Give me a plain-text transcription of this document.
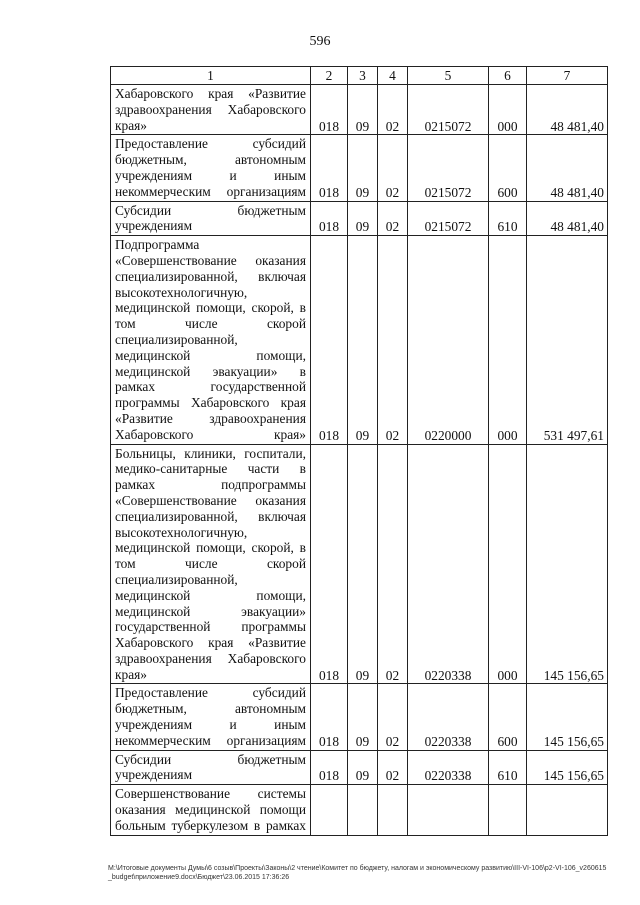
596
1	2	3	4	5	6	7
Хабаровского края «Развитие здравоохранения Хабаровского края»	018	09	02	0215072	000	48 481,40
Предоставление субсидий бюджетным, автономным учреждениям и иным некоммерческим организациям	018	09	02	0215072	600	48 481,40
Субсидии бюджетным учреждениям	018	09	02	0215072	610	48 481,40
Подпрограмма «Совершенствование оказания специализированной, включая высокотехнологичную, медицинской помощи, скорой, в том числе скорой специализированной, медицинской помощи, медицинской эвакуации» в рамках государственной программы Хабаровского края «Развитие здравоохранения Хабаровского края»	018	09	02	0220000	000	531 497,61
Больницы, клиники, госпитали, медико-санитарные части в рамках подпрограммы «Совершенствование оказания специализированной, включая высокотехнологичную, медицинской помощи, скорой, в том числе скорой специализированной, медицинской помощи, медицинской эвакуации» государственной программы Хабаровского края «Развитие здравоохранения Хабаровского края»	018	09	02	0220338	000	145 156,65
Предоставление субсидий бюджетным, автономным учреждениям и иным некоммерческим организациям	018	09	02	0220338	600	145 156,65
Субсидии бюджетным учреждениям	018	09	02	0220338	610	145 156,65
Совершенствование системы оказания медицинской помощи больным туберкулезом в рамках						
M:\Итоговые документы Думы\6 созыв\Проекты\Законы\2 чтение\Комитет по бюджету, налогам и экономическому развитию\III-VI-106\р2-VI-106_v260615_budget\приложение9.docx\Бюджет\23.06.2015 17:36:26
